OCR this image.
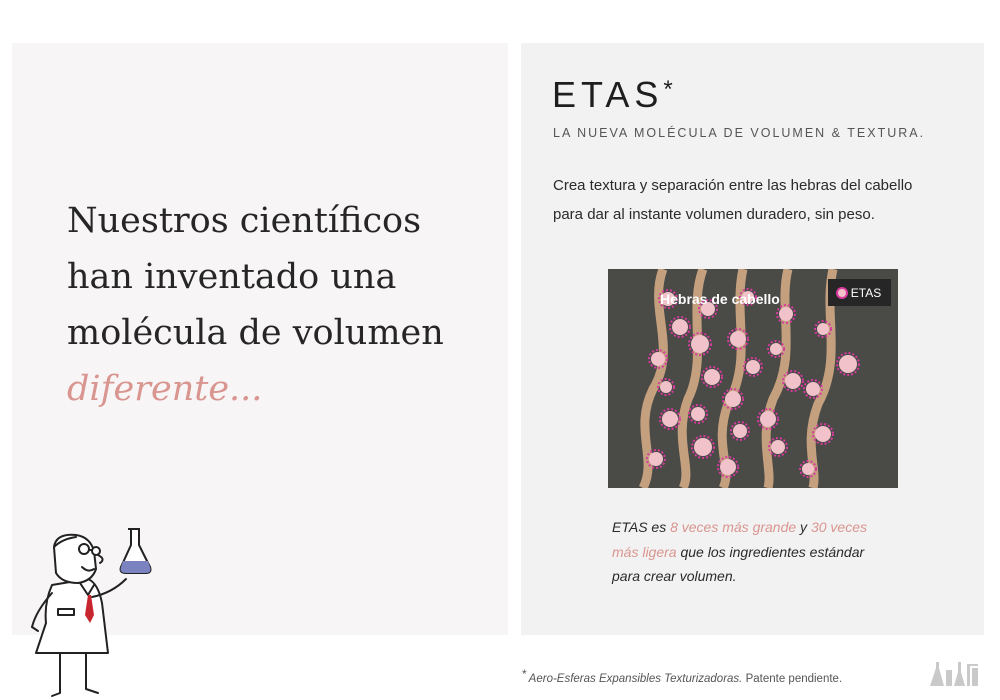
Nuestros científicos
han inventado una
molécula de volumen
diferente...
ETAS*
LA NUEVA MOLÉCULA DE VOLUMEN & TEXTURA.
Crea textura y separación entre las hebras del cabello
para dar al instante volumen duradero, sin peso.
Hebras de cabello	ETAS
ETAS es 8 veces más grande y 30 veces
más ligera que los ingredientes estándar
para crear volumen.
* Aero-Esferas Expansibles Texturizadoras. Patente pendiente.
